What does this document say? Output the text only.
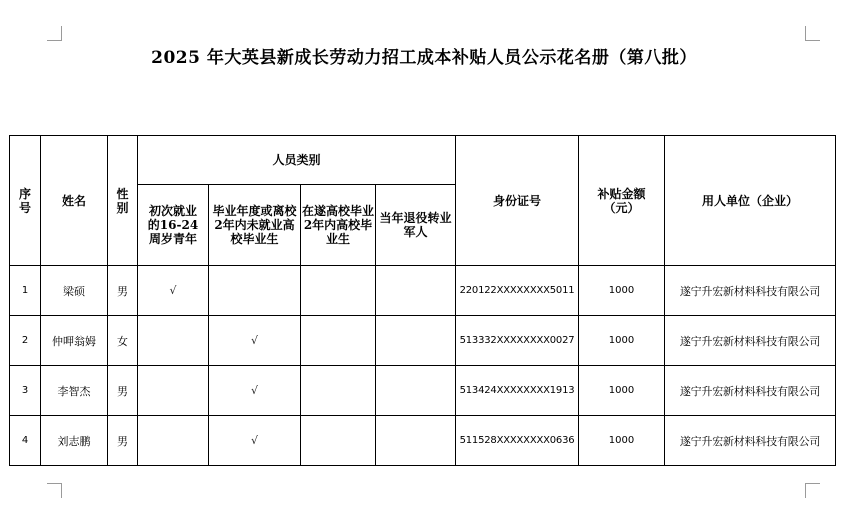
2025 年大英县新成长劳动力招工成本补贴人员公示花名册（第八批）
序号	姓名	性别	人员类别				身份证号	补贴金额（元）	用人单位（企业）
			初次就业的16-24周岁青年	毕业年度或离校 2年内未就业高校毕业生	在遂高校毕业 2年内高校毕业生	当年退役转业军人			
1	梁硕	男	√				220122XXXXXXXX5011	1000	遂宁升宏新材料科技有限公司
2	仲呷翁姆	女		√			513332XXXXXXXX0027	1000	遂宁升宏新材料科技有限公司
3	李智杰	男		√			513424XXXXXXXX1913	1000	遂宁升宏新材料科技有限公司
4	刘志鹏	男		√			511528XXXXXXXX0636	1000	遂宁升宏新材料科技有限公司
